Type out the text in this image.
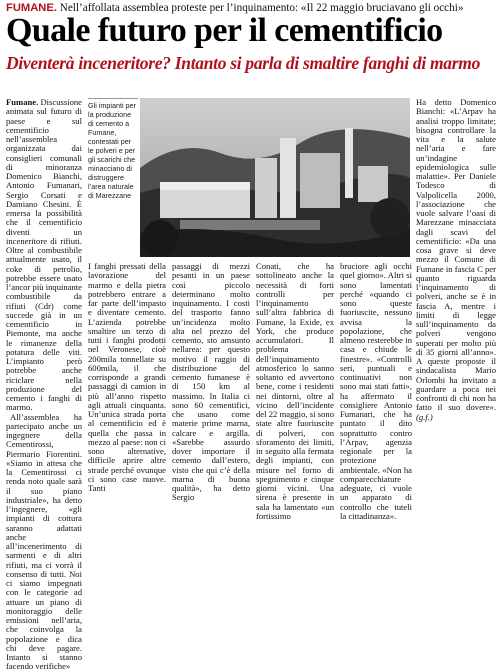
FUMANE. Nell’affollata assemblea proteste per l’inquinamento: «Il 22 maggio bruciavano gli occhi»
Quale futuro per il cementificio
Diventerà inceneritore? Intanto si parla di smaltire fanghi di marmo

Fumane. Discussione animata sul futuro di paese e sul cementificio nell’assemblea organizzata dai consiglieri comunali di minoranza Domenico Bianchi, Antonio Fumanari, Sergio Corsati e Damiano Chesini. È emersa la possibilità che il cementificio diventi un inceneritore di rifiuti. Oltre al combustibile attualmente usato, il coke di petrolio, potrebbe essere usato l’ancor più inquinante combustibile da rifiuti (Cdr) come succede già in un cementificio in Piemonte, ma anche le rimanenze della potatura delle viti. L’impianto però potrebbe anche riciclare nella produzione del cemento i fanghi di marmo.

All’assemblea ha partecipato anche un ingegnere della Cementirossi, Piermario Fiorentini. «Siamo in attesa che la Cementirossi ci renda noto quale sarà il suo piano industriale», ha detto l’ingegnere, «gli impianti di cottura saranno adattati anche all’incenerimento di sarmenti e di altri rifiuti, ma ci vorrà il consenso di tutti. Noi ci siamo impegnati con le categorie ad attuare un piano di monitoraggio delle emissioni nell’aria, che coinvolga la popolazione e dica chi deve pagare. Intanto si stanno facendo verifiche»

Gli impianti per la produzione di cemento a Fumane, contestati per le polveri e per gli scarichi che minacciano di distruggere l’area naturale di Marezzane

I fanghi pressati della lavorazione del marmo e della pietra potrebbero entrare a far parte dell’impasto e diventare cemento. L’azienda potrebbe smaltire un terzo di tutti i fanghi prodotti nel Veronese, cioè 200mila tonnellate su 600mila, il che corrisponde a grandi passaggi di camion in più all’anno rispetto agli attuali cinquanta. Un’unica strada porta al cementificio ed è quella che passa in mezzo al paese: non ci sono alternative, difficile aprire altre strade perché ovunque ci sono case nuove. Tanti

passaggi di mezzi pesanti in un paese così piccolo determinano molto inquinamento. I costi del trasporto fanno un’incidenza molto alta nel prezzo del cemento, sto amsunto nellarea: per questo motivo il raggio di distribuzione del cemento fumanese è di 150 km al massimo. In Italia ci sono 60 cementifici, che usano come materie prime marna, calcare e argilla. «Sarebbe assurdo dover importare il cemento dall’estero, visto che qui c’è della marna di buona qualità», ha detto Sergio

Conati, che ha sottolineato anche la necessità di forti controlli per l’inquinamento sull’altra fabbrica di Fumane, la Exide, ex York, che produce accumulatori. Il problema dell’inquinamento atmosferico lo sanno soltanto ed avvertono bene, come i residenti nei dintorni, oltre al vicino dell’incidente del 22 maggio, si sono state altre fuoriuscite di polveri, con sforamento dei limiti, in seguito alla fermata degli impianti, con misure nel forno di spegnimento e cinque giorni vicini. Una sirena è presente in sala ha lamentato «un fortissimo

bruciore agli occhi quel giorno». Altri si sono lamentati perché «quando ci sono queste fuoriuscite, nessuno avvisa la popolazione, che almeno resterebbe in casa e chiude le finestre». «Controlli seri, puntuali e continuativi non sono mai stati fatti», ha affermato il consigliere Antonio Fumanari, che ha puntato il dito soprattutto contro l’Arpav, agenzia regionale per la protezione ambientale. «Non ha comparecchiature adeguate, ci vuole un apparato di controllo che tuteli la cittadinanza».

Ha detto Domenico Bianchi: «L’Arpav ha analisi troppo limitate; bisogna controllare la vita e la salute nell’aria e fare un’indagine epidemiologica sulle malattie». Per Daniele Todesco di Valpolicella 2000, l’associazione che vuole salvare l’oasi di Marezzane minacciata dagli scavi del cementificio: «Da una cosa grave si deve mezzo il Comune di Fumane in fascia C per quanto riguarda l’inquinamento di polveri, anche se è in fascia A, mentre i limiti di legge sull’inquinamento da polveri vengono superati per molto più di 35 giorni all’anno». A queste proposte il sindacalista Mario Orlombi ha invitato a guardare a poca nei confronti di chi non ha fatto il suo dovere». (g.f.)
